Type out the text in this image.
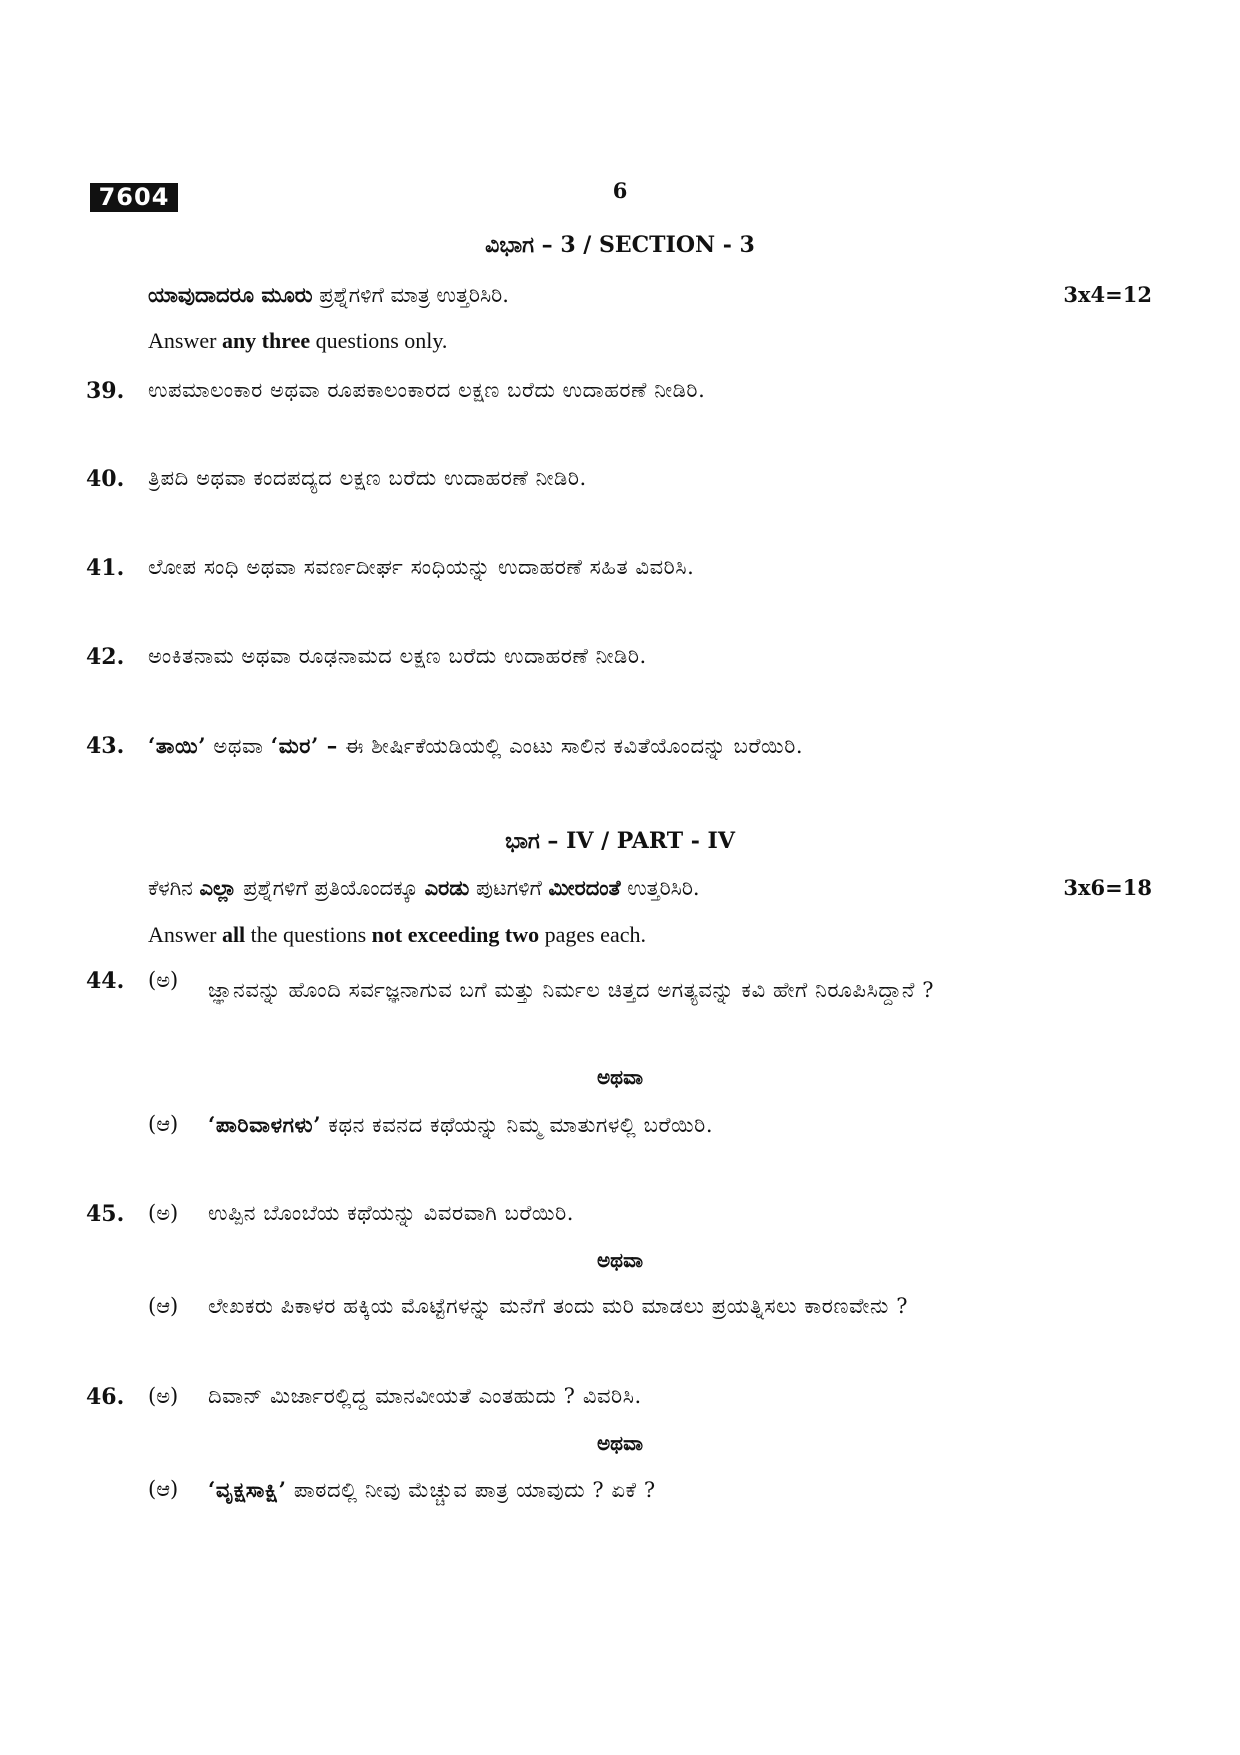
7604	6
ವಿಭಾಗ – 3 / SECTION - 3
ಯಾವುದಾದರೂ ಮೂರು ಪ್ರಶ್ನೆಗಳಿಗೆ ಮಾತ್ರ ಉತ್ತರಿಸಿರಿ.	3x4=12
Answer any three questions only.
39. ಉಪಮಾಲಂಕಾರ ಅಥವಾ ರೂಪಕಾಲಂಕಾರದ ಲಕ್ಷಣ ಬರೆದು ಉದಾಹರಣೆ ನೀಡಿರಿ.
40. ತ್ರಿಪದಿ ಅಥವಾ ಕಂದಪದ್ಯದ ಲಕ್ಷಣ ಬರೆದು ಉದಾಹರಣೆ ನೀಡಿರಿ.
41. ಲೋಪ ಸಂಧಿ ಅಥವಾ ಸವರ್ಣದೀರ್ಘ ಸಂಧಿಯನ್ನು ಉದಾಹರಣೆ ಸಹಿತ ವಿವರಿಸಿ.
42. ಅಂಕಿತನಾಮ ಅಥವಾ ರೂಢನಾಮದ ಲಕ್ಷಣ ಬರೆದು ಉದಾಹರಣೆ ನೀಡಿರಿ.
43. ‘ತಾಯಿ’ ಅಥವಾ ‘ಮರ’ – ಈ ಶೀರ್ಷಿಕೆಯಡಿಯಲ್ಲಿ ಎಂಟು ಸಾಲಿನ ಕವಿತೆಯೊಂದನ್ನು ಬರೆಯಿರಿ.
ಭಾಗ – IV / PART - IV
ಕೆಳಗಿನ ಎಲ್ಲಾ ಪ್ರಶ್ನೆಗಳಿಗೆ ಪ್ರತಿಯೊಂದಕ್ಕೂ ಎರಡು ಪುಟಗಳಿಗೆ ಮೀರದಂತೆ ಉತ್ತರಿಸಿರಿ.	3x6=18
Answer all the questions not exceeding two pages each.
44. (ಅ) ಜ್ಞಾನವನ್ನು ಹೊಂದಿ ಸರ್ವಜ್ಞನಾಗುವ ಬಗೆ ಮತ್ತು ನಿರ್ಮಲ ಚಿತ್ತದ ಅಗತ್ಯವನ್ನು ಕವಿ ಹೇಗೆ ನಿರೂಪಿಸಿದ್ದಾನೆ ?
ಅಥವಾ
(ಆ) ‘ಪಾರಿವಾಳಗಳು’ ಕಥನ ಕವನದ ಕಥೆಯನ್ನು ನಿಮ್ಮ ಮಾತುಗಳಲ್ಲಿ ಬರೆಯಿರಿ.
45. (ಅ) ಉಪ್ಪಿನ ಬೊಂಬೆಯ ಕಥೆಯನ್ನು ವಿವರವಾಗಿ ಬರೆಯಿರಿ.
ಅಥವಾ
(ಆ) ಲೇಖಕರು ಪಿಕಾಳರ ಹಕ್ಕಿಯ ಮೊಟ್ಟೆಗಳನ್ನು ಮನೆಗೆ ತಂದು ಮರಿ ಮಾಡಲು ಪ್ರಯತ್ನಿಸಲು ಕಾರಣವೇನು ?
46. (ಅ) ದಿವಾನ್ ಮಿರ್ಜಾರಲ್ಲಿದ್ದ ಮಾನವೀಯತೆ ಎಂತಹುದು ? ವಿವರಿಸಿ.
ಅಥವಾ
(ಆ) ‘ವೃಕ್ಷಸಾಕ್ಷಿ’ ಪಾಠದಲ್ಲಿ ನೀವು ಮೆಚ್ಚುವ ಪಾತ್ರ ಯಾವುದು ? ಏಕೆ ?
